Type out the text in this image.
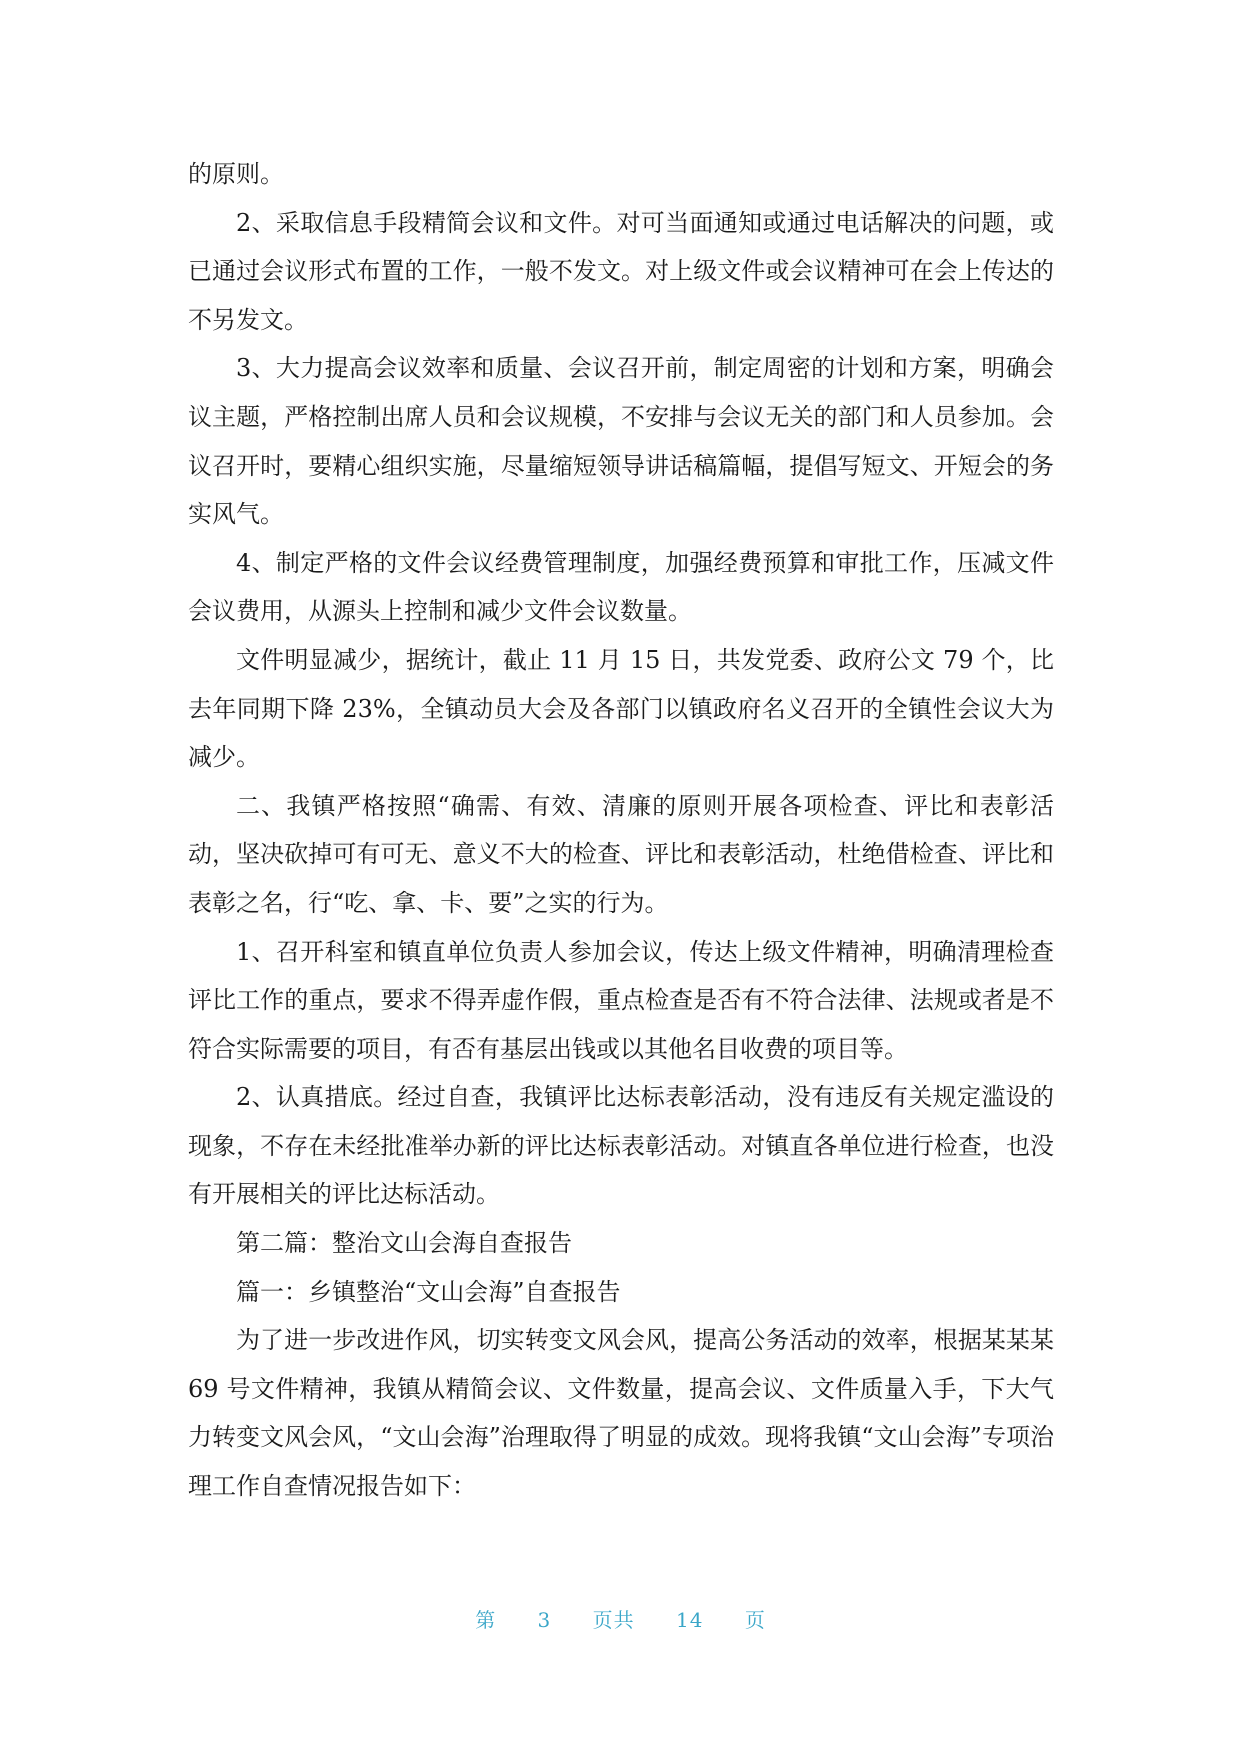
的原则。

2、采取信息手段精简会议和文件。对可当面通知或通过电话解决的问题，或已通过会议形式布置的工作，一般不发文。对上级文件或会议精神可在会上传达的不另发文。

3、大力提高会议效率和质量、会议召开前，制定周密的计划和方案，明确会议主题，严格控制出席人员和会议规模，不安排与会议无关的部门和人员参加。会议召开时，要精心组织实施，尽量缩短领导讲话稿篇幅，提倡写短文、开短会的务实风气。

4、制定严格的文件会议经费管理制度，加强经费预算和审批工作，压减文件会议费用，从源头上控制和减少文件会议数量。

文件明显减少，据统计，截止 11 月 15 日，共发党委、政府公文 79 个，比去年同期下降 23%，全镇动员大会及各部门以镇政府名义召开的全镇性会议大为减少。

二、我镇严格按照“确需、有效、清廉的原则开展各项检查、评比和表彰活动，坚决砍掉可有可无、意义不大的检查、评比和表彰活动，杜绝借检查、评比和表彰之名，行“吃、拿、卡、要”之实的行为。

1、召开科室和镇直单位负责人参加会议，传达上级文件精神，明确清理检查评比工作的重点，要求不得弄虚作假，重点检查是否有不符合法律、法规或者是不符合实际需要的项目，有否有基层出钱或以其他名目收费的项目等。

2、认真措底。经过自查，我镇评比达标表彰活动，没有违反有关规定滥设的现象，不存在未经批准举办新的评比达标表彰活动。对镇直各单位进行检查，也没有开展相关的评比达标活动。

第二篇：整治文山会海自查报告

篇一：乡镇整治“文山会海”自查报告

为了进一步改进作风，切实转变文风会风，提高公务活动的效率，根据某某某 69 号文件精神，我镇从精简会议、文件数量，提高会议、文件质量入手，下大气力转变文风会风，“文山会海”治理取得了明显的成效。现将我镇“文山会海”专项治理工作自查情况报告如下：

第 3 页共 14 页
